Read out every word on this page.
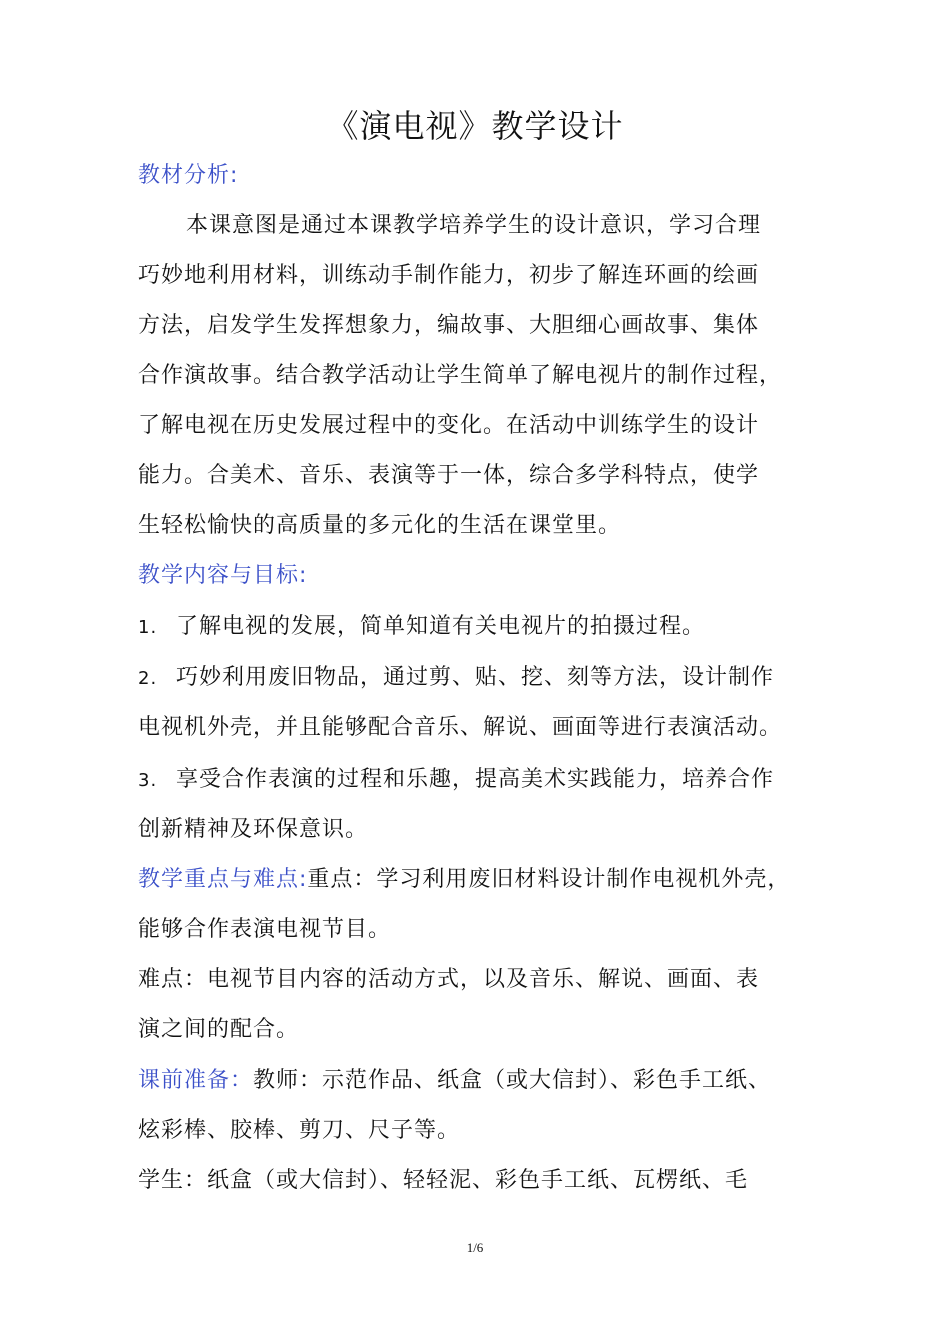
《演电视》教学设计
教材分析:
本课意图是通过本课教学培养学生的设计意识，学习合理
巧妙地利用材料，训练动手制作能力，初步了解连环画的绘画
方法，启发学生发挥想象力，编故事、大胆细心画故事、集体
合作演故事。结合教学活动让学生简单了解电视片的制作过程，
了解电视在历史发展过程中的变化。在活动中训练学生的设计
能力。合美术、音乐、表演等于一体，综合多学科特点，使学
生轻松愉快的高质量的多元化的生活在课堂里。
教学内容与目标:
1. 了解电视的发展，简单知道有关电视片的拍摄过程。
2. 巧妙利用废旧物品，通过剪、贴、挖、刻等方法，设计制作
电视机外壳，并且能够配合音乐、解说、画面等进行表演活动。
3. 享受合作表演的过程和乐趣，提高美术实践能力，培养合作
创新精神及环保意识。
教学重点与难点:重点：学习利用废旧材料设计制作电视机外壳，
能够合作表演电视节目。
难点：电视节目内容的活动方式，以及音乐、解说、画面、表
演之间的配合。
课前准备：教师：示范作品、纸盒（或大信封）、彩色手工纸、
炫彩棒、胶棒、剪刀、尺子等。
学生：纸盒（或大信封）、轻轻泥、彩色手工纸、瓦楞纸、毛
1/6
